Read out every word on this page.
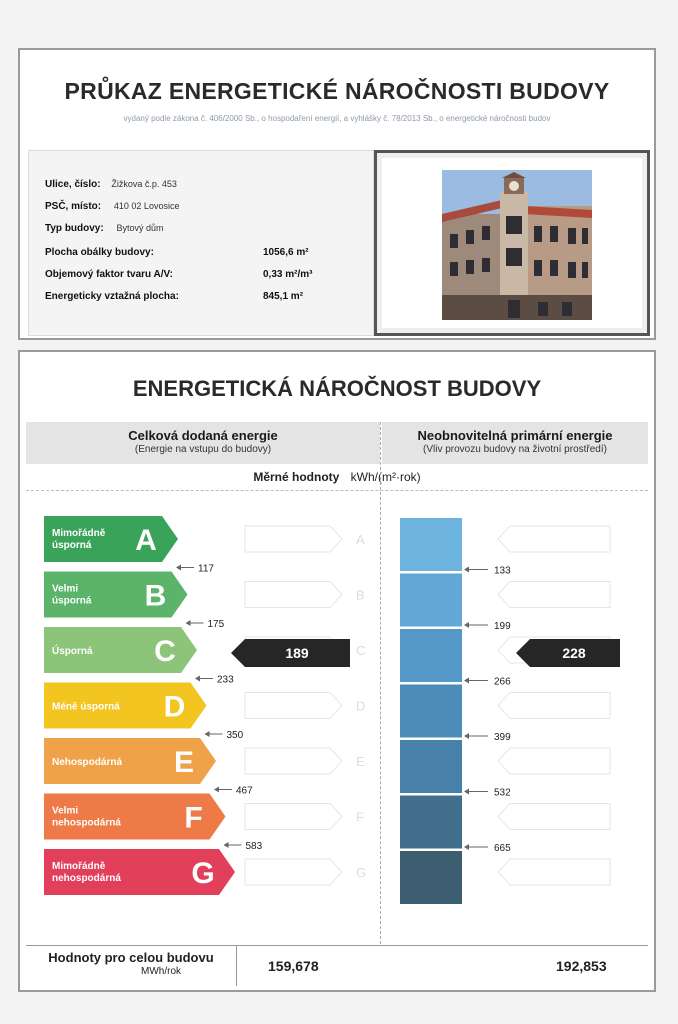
PRŮKAZ ENERGETICKÉ NÁROČNOSTI BUDOVY
vydaný podle zákona č. 406/2000 Sb., o hospodaření energií, a vyhlášky č. 78/2013 Sb., o energetické náročnosti budov
Ulice, číslo: Žižkova č.p. 453
PSČ, místo: 410 02 Lovosice
Typ budovy: Bytový dům
Plocha obálky budovy:	1056,6 m²
Objemový faktor tvaru A/V:	0,33 m²/m³
Energeticky vztažná plocha:	845,1 m²
ENERGETICKÁ NÁROČNOST BUDOVY
Celková dodaná energie
(Energie na vstupu do budovy)
Neobnovitelná primární energie
(Vliv provozu budovy na životní prostředí)
Měrné hodnoty kWh/(m²·rok)
Mimořádně
úsporná A	A
Velmi
úsporná B	B
Úsporná C	C
Méně úsporná D	D
Nehospodárná E	E
Velmi
nehospodárná F	F
Mimořádně
nehospodárná G	G
117
175
233
350
467
583
133
199
266
399
532
665
189	228
Hodnoty pro celou budovu
MWh/rok	159,678	192,853
